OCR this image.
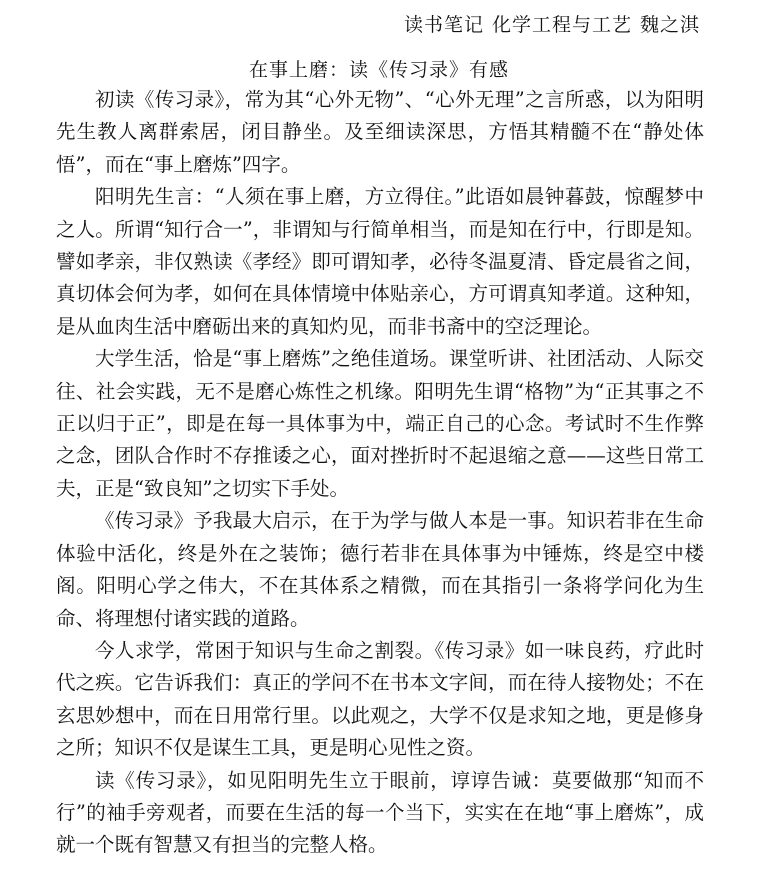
读书笔记 化学工程与工艺 魏之淇
在事上磨：读《传习录》有感

初读《传习录》，常为其“心外无物”、“心外无理”之言所惑，以为阳明先生教人离群索居，闭目静坐。及至细读深思，方悟其精髓不在“静处体悟”，而在“事上磨炼”四字。

阳明先生言：“人须在事上磨，方立得住。”此语如晨钟暮鼓，惊醒梦中之人。所谓“知行合一”，非谓知与行简单相当，而是知在行中，行即是知。譬如孝亲，非仅熟读《孝经》即可谓知孝，必待冬温夏清、昏定晨省之间，真切体会何为孝，如何在具体情境中体贴亲心，方可谓真知孝道。这种知，是从血肉生活中磨砺出来的真知灼见，而非书斋中的空泛理论。

大学生活，恰是“事上磨炼”之绝佳道场。课堂听讲、社团活动、人际交往、社会实践，无不是磨心炼性之机缘。阳明先生谓“格物”为“正其事之不正以归于正”，即是在每一具体事为中，端正自己的心念。考试时不生作弊之念，团队合作时不存推诿之心，面对挫折时不起退缩之意——这些日常工夫，正是“致良知”之切实下手处。

《传习录》予我最大启示，在于为学与做人本是一事。知识若非在生命体验中活化，终是外在之装饰；德行若非在具体事为中锤炼，终是空中楼阁。阳明心学之伟大，不在其体系之精微，而在其指引一条将学问化为生命、将理想付诸实践的道路。

今人求学，常困于知识与生命之割裂。《传习录》如一味良药，疗此时代之疾。它告诉我们：真正的学问不在书本文字间，而在待人接物处；不在玄思妙想中，而在日用常行里。以此观之，大学不仅是求知之地，更是修身之所；知识不仅是谋生工具，更是明心见性之资。

读《传习录》，如见阳明先生立于眼前，谆谆告诫：莫要做那“知而不行”的袖手旁观者，而要在生活的每一个当下，实实在在地“事上磨炼”，成就一个既有智慧又有担当的完整人格。
